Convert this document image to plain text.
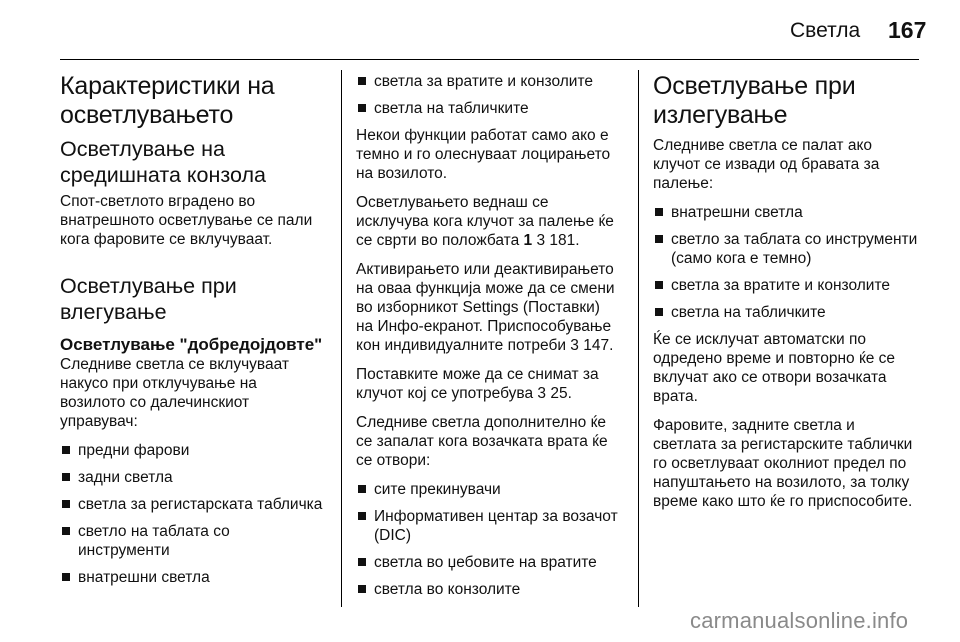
Светла 167
Карактеристики на осветлувањето
Осветлување на средишната конзола

Спот-светлото вградено во внатрешното осветлување се пали кога фаровите се вклучуваат.

Осветлување при влегување
Осветлување "добредојдовте"

Следниве светла се вклучуваат накусо при отклучување на возилото со далечинскиот управувач:

предни фарови
задни светла
светла за регистарската табличка
светло на таблата со инструменти
внатрешни светла
светла за вратите и конзолите
светла на табличките

Некои функции работат само ако е темно и го олеснуваат лоцирањето на возилото.

Осветлувањето веднаш се исклучува кога клучот за палење ќе се сврти во положбата 1 3 181.

Активирањето или деактивирањето на оваа функција може да се смени во изборникот Settings (Поставки) на Инфо-екранот. Приспособување кон индивидуалните потреби 3 147.

Поставките може да се снимат за клучот кој се употребува 3 25.

Следниве светла дополнително ќе се запалат кога возачката врата ќе се отвори:

сите прекинувачи
Информативен центар за возачот (DIC)
светла во џебовите на вратите
светла во конзолите
Осветлување при излегување

Следниве светла се палат ако клучот се извади од бравата за палење:

внатрешни светла
светло за таблата со инструменти (само кога е темно)
светла за вратите и конзолите
светла на табличките

Ќе се исклучат автоматски по одредено време и повторно ќе се вклучат ако се отвори возачката врата.

Фаровите, задните светла и светлата за регистарските таблички го осветлуваат околниот предел по напуштањето на возилото, за толку време како што ќе го приспособите.

carmanualsonline.info
